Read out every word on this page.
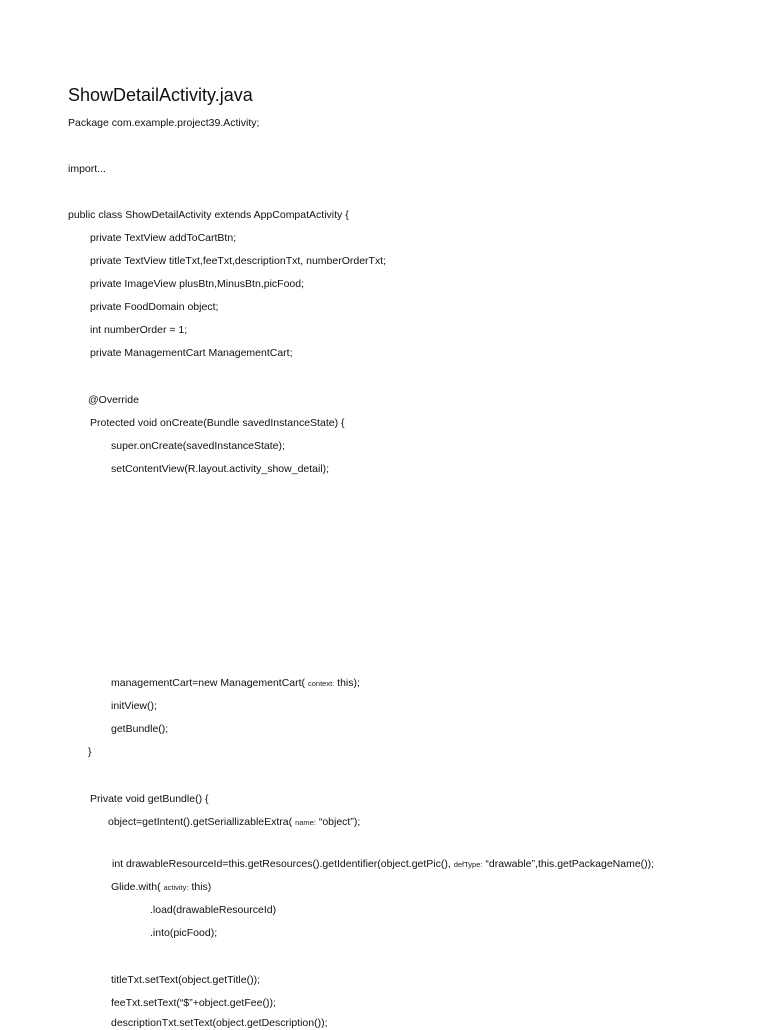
ShowDetailActivity.java
Package com.example.project39.Activity;
import...
public class ShowDetailActivity extends AppCompatActivity {
private TextView addToCartBtn;
private TextView titleTxt,feeTxt,descriptionTxt, numberOrderTxt;
private ImageView plusBtn,MinusBtn,picFood;
private FoodDomain object;
int numberOrder = 1;
private ManagementCart ManagementCart;
@Override
Protected void onCreate(Bundle savedInstanceState) {
super.onCreate(savedInstanceState);
setContentView(R.layout.activity_show_detail);
managementCart=new ManagementCart( context: this);
initView();
getBundle();
}
Private void getBundle() {
object=getIntent().getSeriallizableExtra( name: “object”);
int drawableResourceId=this.getResources().getIdentifier(object.getPic(), defType: “drawable”,this.getPackageName());
Glide.with( activity: this)
.load(drawableResourceId)
.into(picFood);
titleTxt.setText(object.getTitle());
feeTxt.setText(“$”+object.getFee());
descriptionTxt.setText(object.getDescription());
